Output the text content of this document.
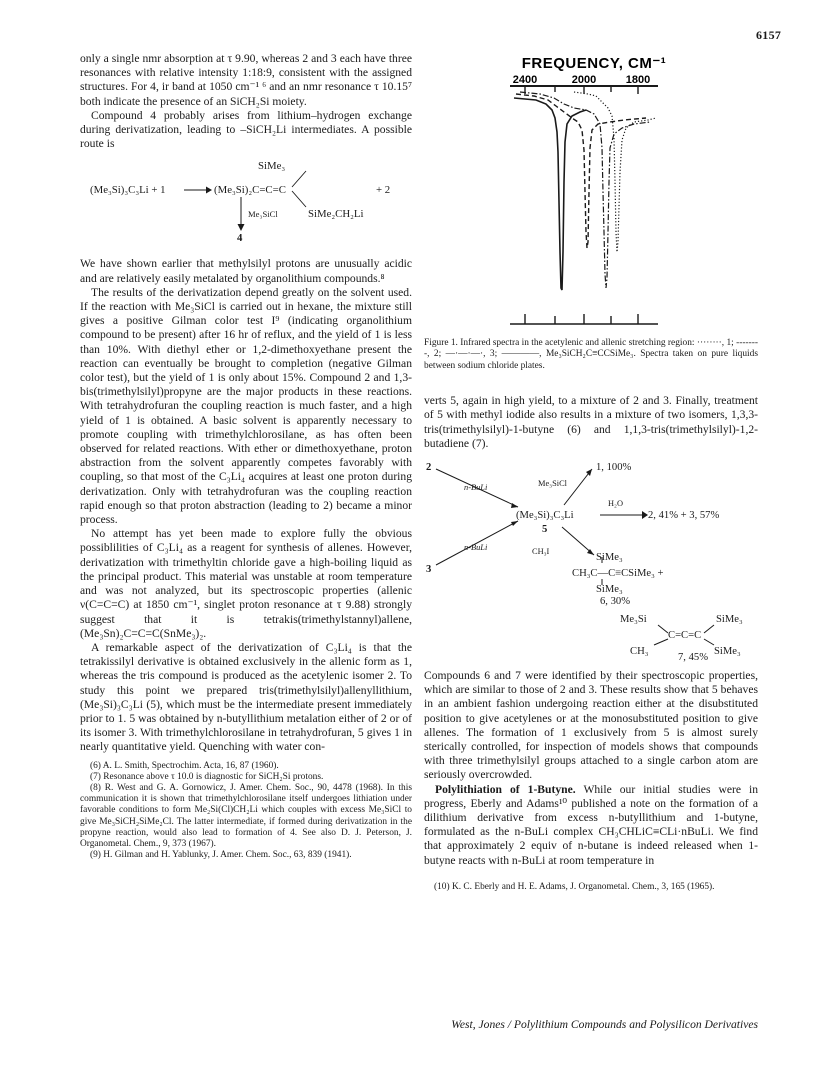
6157

only a single nmr absorption at τ 9.90, whereas 2 and 3 each have three resonances with relative intensity 1:18:9, consistent with the assigned structures. For 4, ir band at 1050 cm⁻¹ ⁶ and an nmr resonance τ 10.15⁷ both indicate the presence of an SiCH₂Si moiety.

Compound 4 probably arises from lithium–hydrogen exchange during derivatization, leading to –SiCH₂Li intermediates. A possible route is

SiMe₃
(Me₃Si)₃C₃Li + 1 → (Me₃Si)₂C=C=C	+ 2
Me₃SiCl	SiMe₂CH₂Li
4

We have shown earlier that methylsilyl protons are unusually acidic and are relatively easily metalated by organolithium compounds.⁸

The results of the derivatization depend greatly on the solvent used. If the reaction with Me₃SiCl is carried out in hexane, the mixture still gives a positive Gilman color test I⁹ (indicating organolithium compound to be present) after 16 hr of reflux, and the yield of 1 is less than 10%. With diethyl ether or 1,2-dimethoxyethane present the reaction can eventually be brought to completion (negative Gilman color test), but the yield of 1 is only about 15%. Compound 2 and 1,3-bis(trimethylsilyl)propyne are the major products in these reactions. With tetrahydrofuran the coupling reaction is much faster, and a high yield of 1 is obtained. A basic solvent is apparently necessary to promote coupling with trimethylchlorosilane, as has often been observed for related reactions. With ether or dimethoxyethane, proton abstraction from the solvent apparently competes favorably with coupling, so that most of the C₃Li₄ acquires at least one proton during derivatization. Only with tetrahydrofuran was the coupling reaction rapid enough so that proton abstraction (leading to 2) became a minor process.

No attempt has yet been made to explore fully the obvious possiblilities of C₃Li₄ as a reagent for synthesis of allenes. However, derivatization with trimethyltin chloride gave a high-boiling liquid as the principal product. This material was unstable at room temperature and was not analyzed, but its spectroscopic properties (allenic ν(C=C=C) at 1850 cm⁻¹, singlet proton resonance at τ 9.88) strongly suggest that it is tetrakis(trimethylstannyl)allene, (Me₃Sn)₂C=C=C(SnMe₃)₂.

A remarkable aspect of the derivatization of C₃Li₄ is that the tetrakissilyl derivative is obtained exclusively in the allenic form as 1, whereas the tris compound is produced as the acetylenic isomer 2. To study this point we prepared tris(trimethylsilyl)allenyllithium, (Me₃Si)₃C₃Li (5), which must be the intermediate present immediately prior to 1. 5 was obtained by n-butyllithium metalation either of 2 or of its isomer 3. With trimethylchlorosilane in tetrahydrofuran, 5 gives 1 in nearly quantitative yield. Quenching with water con-

(6) A. L. Smith, Spectrochim. Acta, 16, 87 (1960).
(7) Resonance above τ 10.0 is diagnostic for SiCH₂Si protons.
(8) R. West and G. A. Gornowicz, J. Amer. Chem. Soc., 90, 4478 (1968). In this communication it is shown that trimethylchlorosilane itself undergoes lithiation under favorable conditions to form Me₂Si(Cl)CH₂Li which couples with excess Me₃SiCl to give Me₃SiCH₂SiMe₂Cl. The latter intermediate, if formed during derivatization in the propyne reaction, would also lead to formation of 4. See also D. J. Peterson, J. Organometal. Chem., 9, 373 (1967).
(9) H. Gilman and H. Yablunky, J. Amer. Chem. Soc., 63, 839 (1941).
FREQUENCY, CM⁻¹
2400	2000	1800

Figure 1. Infrared spectra in the acetylenic and allenic stretching region: ········, 1; --------, 2; —·—·—·, 3; ————, Me₃SiCH₂C≡CCSiMe₃. Spectra taken on pure liquids between sodium chloride plates.

verts 5, again in high yield, to a mixture of 2 and 3. Finally, treatment of 5 with methyl iodide also results in a mixture of two isomers, 1,3,3-tris(trimethylsilyl)-1-butyne (6) and 1,1,3-tris(trimethylsilyl)-1,2-butadiene (7).

2
3
n-BuLi
n-BuLi
(Me₃Si)₃C₃Li
5
Me₃SiCl
1, 100%
H₂O
2, 41% + 3, 57%
CH₃I
SiMe₃
CH₃C—C≡CSiMe₃ +
SiMe₃
6, 30%
Me₃Si	SiMe₃
C=C=C
CH₃	SiMe₃
7, 45%

Compounds 6 and 7 were identified by their spectroscopic properties, which are similar to those of 2 and 3. These results show that 5 behaves in an ambient fashion undergoing reaction either at the disubstituted position to give acetylenes or at the monosubstituted position to give allenes. The formation of 1 exclusively from 5 is almost surely sterically controlled, for inspection of models shows that compounds with three trimethylsilyl groups attached to a single carbon atom are seriously overcrowded.

Polylithiation of 1-Butyne. While our initial studies were in progress, Eberly and Adams¹⁰ published a note on the formation of a dilithium derivative from excess n-butyllithium and 1-butyne, formulated as the n-BuLi complex CH₃CHLiC≡CLi·nBuLi. We find that approximately 2 equiv of n-butane is indeed released when 1-butyne reacts with n-BuLi at room temperature in

(10) K. C. Eberly and H. E. Adams, J. Organometal. Chem., 3, 165 (1965).
West, Jones / Polylithium Compounds and Polysilicon Derivatives
